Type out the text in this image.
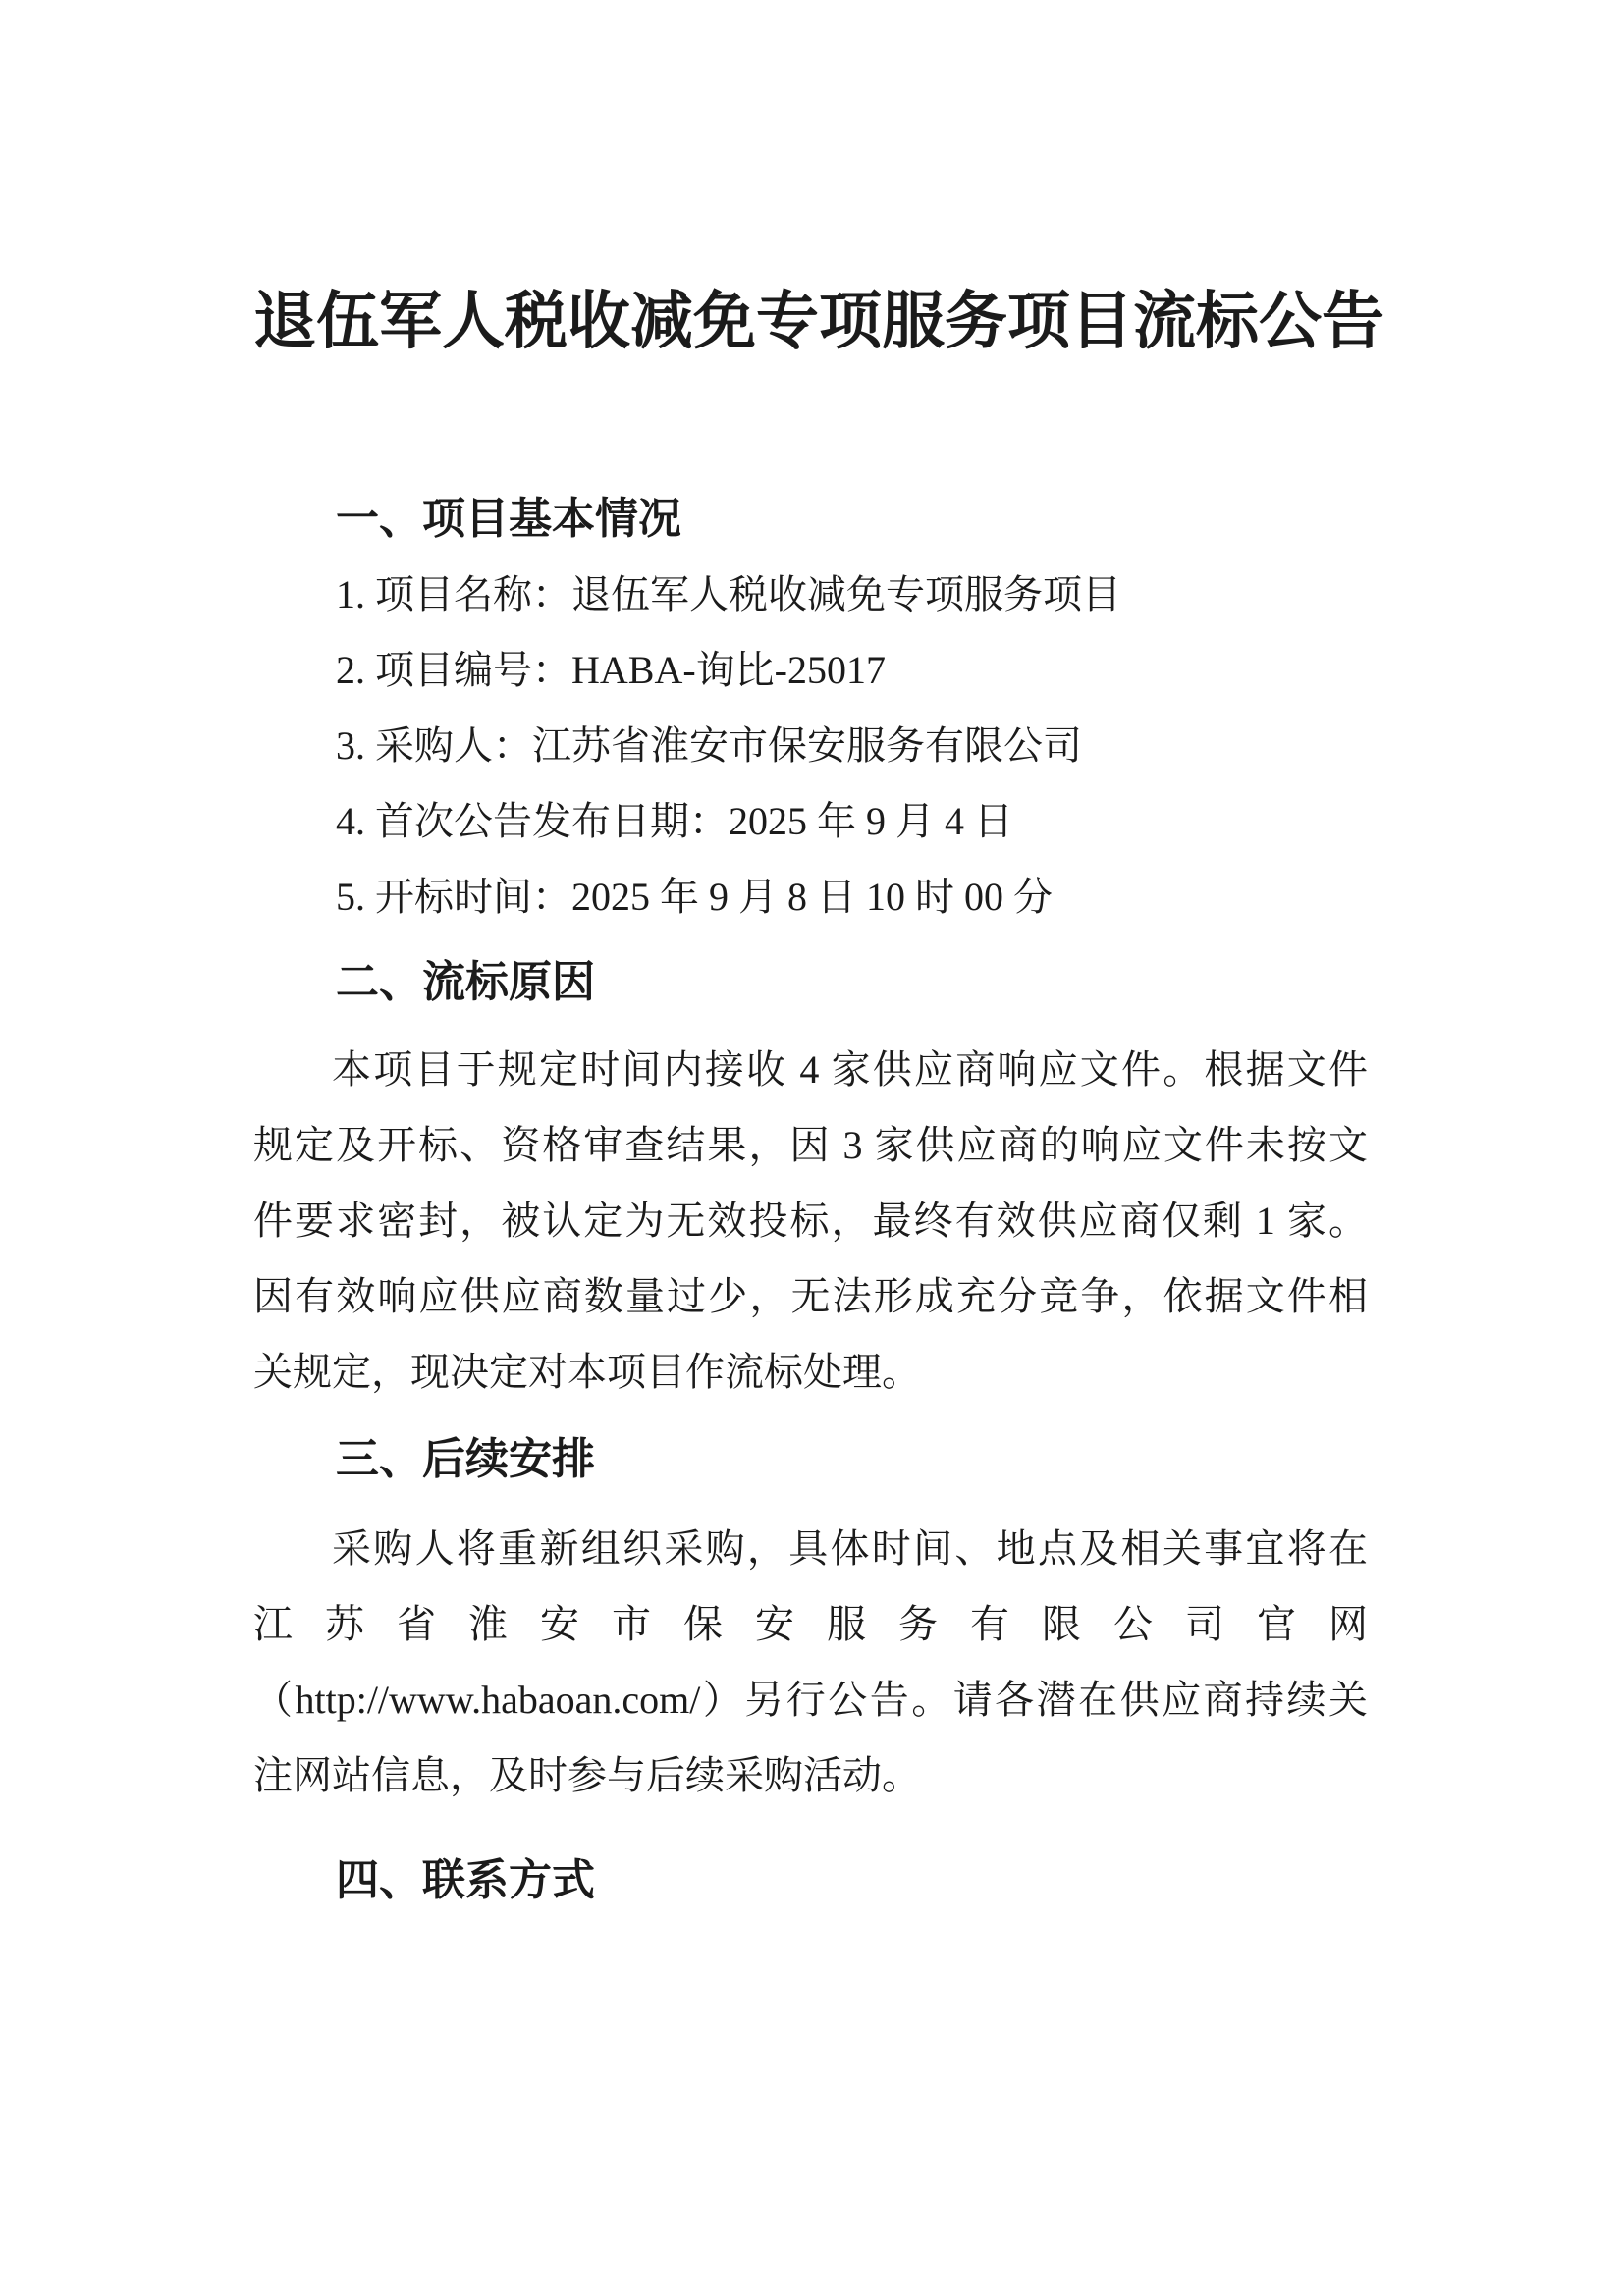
退伍军人税收减免专项服务项目流标公告
一、项目基本情况
1. 项目名称：退伍军人税收减免专项服务项目
2. 项目编号：HABA-询比-25017
3. 采购人：江苏省淮安市保安服务有限公司
4. 首次公告发布日期：2025 年 9 月 4 日
5. 开标时间：2025 年 9 月 8 日 10 时 00 分
二、流标原因
本项目于规定时间内接收 4 家供应商响应文件。根据文件
规定及开标、资格审查结果，因 3 家供应商的响应文件未按文
件要求密封，被认定为无效投标，最终有效供应商仅剩 1 家。
因有效响应供应商数量过少，无法形成充分竞争，依据文件相
关规定，现决定对本项目作流标处理。
三、后续安排
采购人将重新组织采购，具体时间、地点及相关事宜将在
江苏省淮安市保安服务有限公司官网
（http://www.habaoan.com/）另行公告。请各潜在供应商持续关
注网站信息，及时参与后续采购活动。
四、联系方式
